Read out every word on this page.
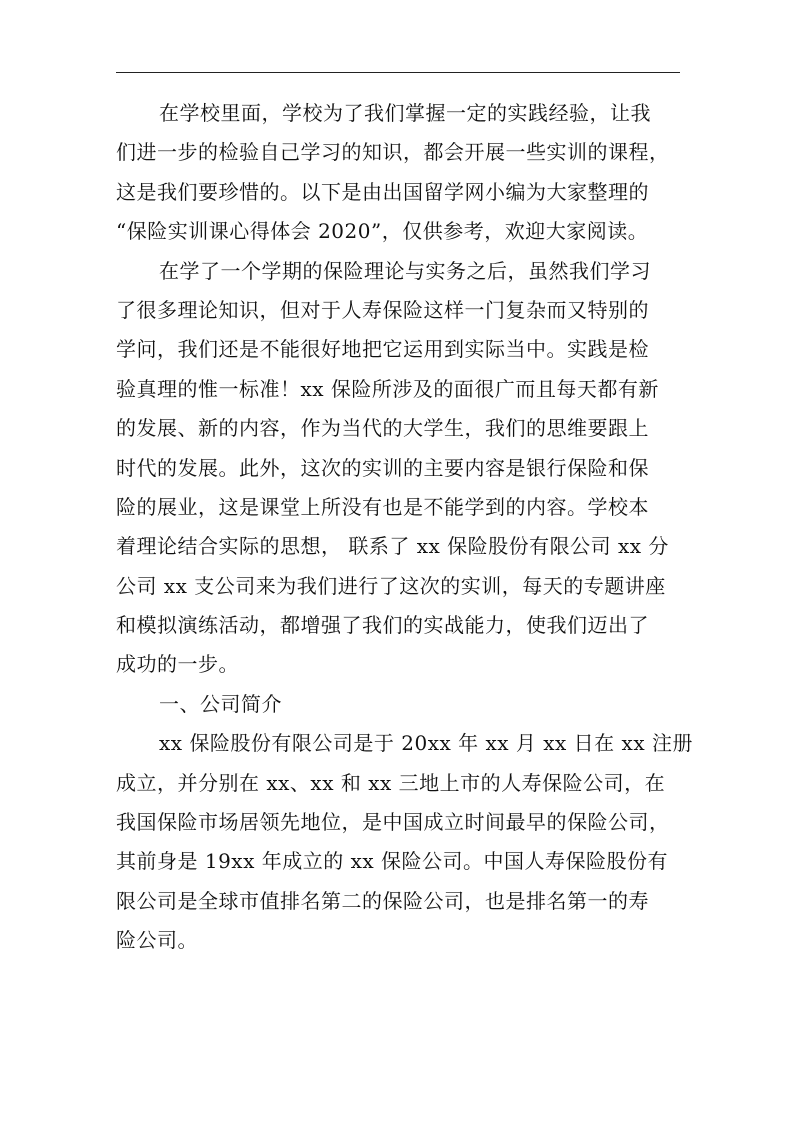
在学校里面，学校为了我们掌握一定的实践经验，让我
们进一步的检验自己学习的知识，都会开展一些实训的课程，
这是我们要珍惜的。以下是由出国留学网小编为大家整理的
“保险实训课心得体会 2020”，仅供参考，欢迎大家阅读。
在学了一个学期的保险理论与实务之后，虽然我们学习
了很多理论知识，但对于人寿保险这样一门复杂而又特别的
学问，我们还是不能很好地把它运用到实际当中。实践是检
验真理的惟一标准！xx 保险所涉及的面很广而且每天都有新
的发展、新的内容，作为当代的大学生，我们的思维要跟上
时代的发展。此外，这次的实训的主要内容是银行保险和保
险的展业，这是课堂上所没有也是不能学到的内容。学校本
着理论结合实际的思想， 联系了 xx 保险股份有限公司 xx 分
公司 xx 支公司来为我们进行了这次的实训，每天的专题讲座
和模拟演练活动，都增强了我们的实战能力，使我们迈出了
成功的一步。
一、公司简介
xx 保险股份有限公司是于 20xx 年 xx 月 xx 日在 xx 注册
成立，并分别在 xx、xx 和 xx 三地上市的人寿保险公司，在
我国保险市场居领先地位，是中国成立时间最早的保险公司，
其前身是 19xx 年成立的 xx 保险公司。中国人寿保险股份有
限公司是全球市值排名第二的保险公司，也是排名第一的寿
险公司。
